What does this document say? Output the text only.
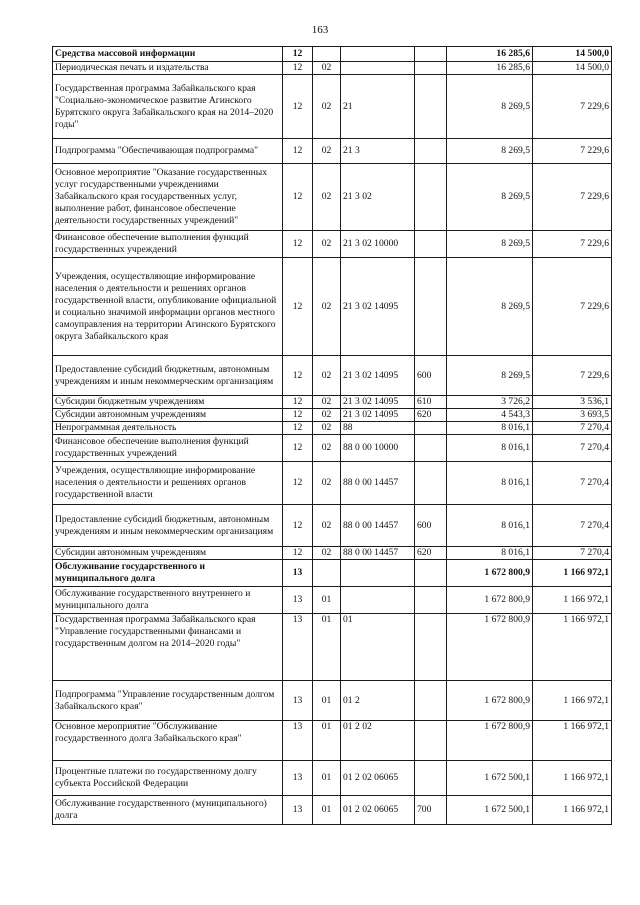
163
Средства массовой информации	12				16 285,6	14 500,0
Периодическая печать и издательства	12	02			16 285,6	14 500,0
Государственная программа Забайкальского края "Социально-экономическое развитие Агинского Бурятского округа Забайкальского края на 2014–2020 годы"	12	02	21		8 269,5	7 229,6
Подпрограмма "Обеспечивающая подпрограмма"	12	02	21 3		8 269,5	7 229,6
Основное мероприятие "Оказание государственных услуг государственными учреждениями Забайкальского края государственных услуг, выполнение работ, финансовое обеспечение деятельности государственных учреждений"	12	02	21 3 02		8 269,5	7 229,6
Финансовое обеспечение выполнения функций государственных учреждений	12	02	21 3 02 10000		8 269,5	7 229,6
Учреждения, осуществляющие информирование населения о деятельности и решениях органов государственной власти, опубликование официальной и социально значимой информации органов местного самоуправления на территории Агинского Бурятского округа Забайкальского края	12	02	21 3 02 14095		8 269,5	7 229,6
Предоставление субсидий бюджетным, автономным учреждениям и иным некоммерческим организациям	12	02	21 3 02 14095	600	8 269,5	7 229,6
Субсидии бюджетным учреждениям	12	02	21 3 02 14095	610	3 726,2	3 536,1
Субсидии автономным учреждениям	12	02	21 3 02 14095	620	4 543,3	3 693,5
Непрограммная деятельность	12	02	88		8 016,1	7 270,4
Финансовое обеспечение выполнения функций государственных учреждений	12	02	88 0 00 10000		8 016,1	7 270,4
Учреждения, осуществляющие информирование населения о деятельности и решениях органов государственной власти	12	02	88 0 00 14457		8 016,1	7 270,4
Предоставление субсидий бюджетным, автономным учреждениям и иным некоммерческим организациям	12	02	88 0 00 14457	600	8 016,1	7 270,4
Субсидии автономным учреждениям	12	02	88 0 00 14457	620	8 016,1	7 270,4
Обслуживание государственного и муниципального долга	13				1 672 800,9	1 166 972,1
Обслуживание государственного внутреннего и муниципального долга	13	01			1 672 800,9	1 166 972,1
Государственная программа Забайкальского края "Управление государственными финансами и государственным долгом на 2014–2020 годы"	13	01	01		1 672 800,9	1 166 972,1
Подпрограмма "Управление государственным долгом Забайкальского края"	13	01	01 2		1 672 800,9	1 166 972,1
Основное мероприятие "Обслуживание государственного долга Забайкальского края"	13	01	01 2 02		1 672 800,9	1 166 972,1
Процентные платежи по государственному долгу субъекта Российской Федерации	13	01	01 2 02 06065		1 672 500,1	1 166 972,1
Обслуживание государственного (муниципального) долга	13	01	01 2 02 06065	700	1 672 500,1	1 166 972,1
